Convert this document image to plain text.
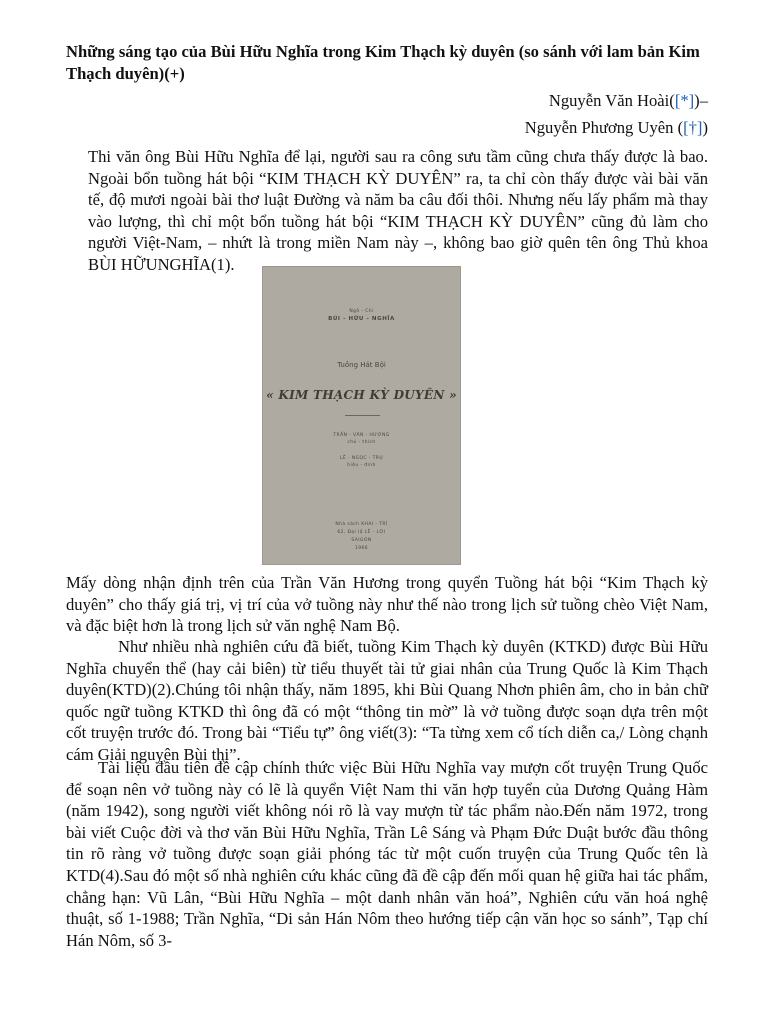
Những sáng tạo của Bùi Hữu Nghĩa trong Kim Thạch kỳ duyên (so sánh với lam bản Kim Thạch duyên)(+)
Nguyễn Văn Hoài([*])–
Nguyễn Phương Uyên ([†])

Thi văn ông Bùi Hữu Nghĩa để lại, người sau ra công sưu tầm cũng chưa thấy được là bao. Ngoài bổn tuồng hát bội “KIM THẠCH KỲ DUYÊN” ra, ta chỉ còn thấy được vài bài văn tế, độ mươi ngoài bài thơ luật Đường và năm ba câu đối thôi. Nhưng nếu lấy phẩm mà thay vào lượng, thì chỉ một bổn tuồng hát bội “KIM THẠCH KỲ DUYÊN” cũng đủ làm cho người Việt-Nam, – nhứt là trong miền Nam này –, không bao giờ quên tên ông Thủ khoa BÙI HỮUNGHĨA(1).

Ngô - Chi
BÙI - HỮU - NGHĨA
Tuồng Hát Bội
« KIM THẠCH KỲ DUYÊN »
TRẦN - VĂN - HƯƠNG
chú - thích
LÊ - NGỌC - TRỤ
hiệu - đính
Nhà sách KHAI - TRÍ
62, Đại lộ LÊ - LỢI
SAIGON
1966

Mấy dòng nhận định trên của Trần Văn Hương trong quyển Tuồng hát bội “Kim Thạch kỳ duyên” cho thấy giá trị, vị trí của vở tuồng này như thế nào trong lịch sử tuồng chèo Việt Nam, và đặc biệt hơn là trong lịch sử văn nghệ Nam Bộ.

Như nhiều nhà nghiên cứu đã biết, tuồng Kim Thạch kỳ duyên (KTKD) được Bùi Hữu Nghĩa chuyển thể (hay cải biên) từ tiểu thuyết tài tử giai nhân của Trung Quốc là Kim Thạch duyên(KTD)(2).Chúng tôi nhận thấy, năm 1895, khi Bùi Quang Nhơn phiên âm, cho in bản chữ quốc ngữ tuồng KTKD thì ông đã có một “thông tin mờ” là vở tuồng được soạn dựa trên một cốt truyện trước đó. Trong bài “Tiểu tự” ông viết(3): “Ta từng xem cổ tích diễn ca,/ Lòng chạnh cám Giải nguyên Bùi thị”.

Tài liệu đầu tiên đề cập chính thức việc Bùi Hữu Nghĩa vay mượn cốt truyện Trung Quốc để soạn nên vở tuồng này có lẽ là quyển Việt Nam thi văn hợp tuyển của Dương Quảng Hàm (năm 1942), song người viết không nói rõ là vay mượn từ tác phẩm nào.Đến năm 1972, trong bài viết Cuộc đời và thơ văn Bùi Hữu Nghĩa, Trần Lê Sáng và Phạm Đức Duật bước đầu thông tin rõ ràng vở tuồng được soạn giải phóng tác từ một cuốn truyện của Trung Quốc tên là KTD(4).Sau đó một số nhà nghiên cứu khác cũng đã đề cập đến mối quan hệ giữa hai tác phẩm, chẳng hạn: Vũ Lân, “Bùi Hữu Nghĩa – một danh nhân văn hoá”, Nghiên cứu văn hoá nghệ thuật, số 1-1988; Trần Nghĩa, “Di sản Hán Nôm theo hướng tiếp cận văn học so sánh”, Tạp chí Hán Nôm, số 3-
